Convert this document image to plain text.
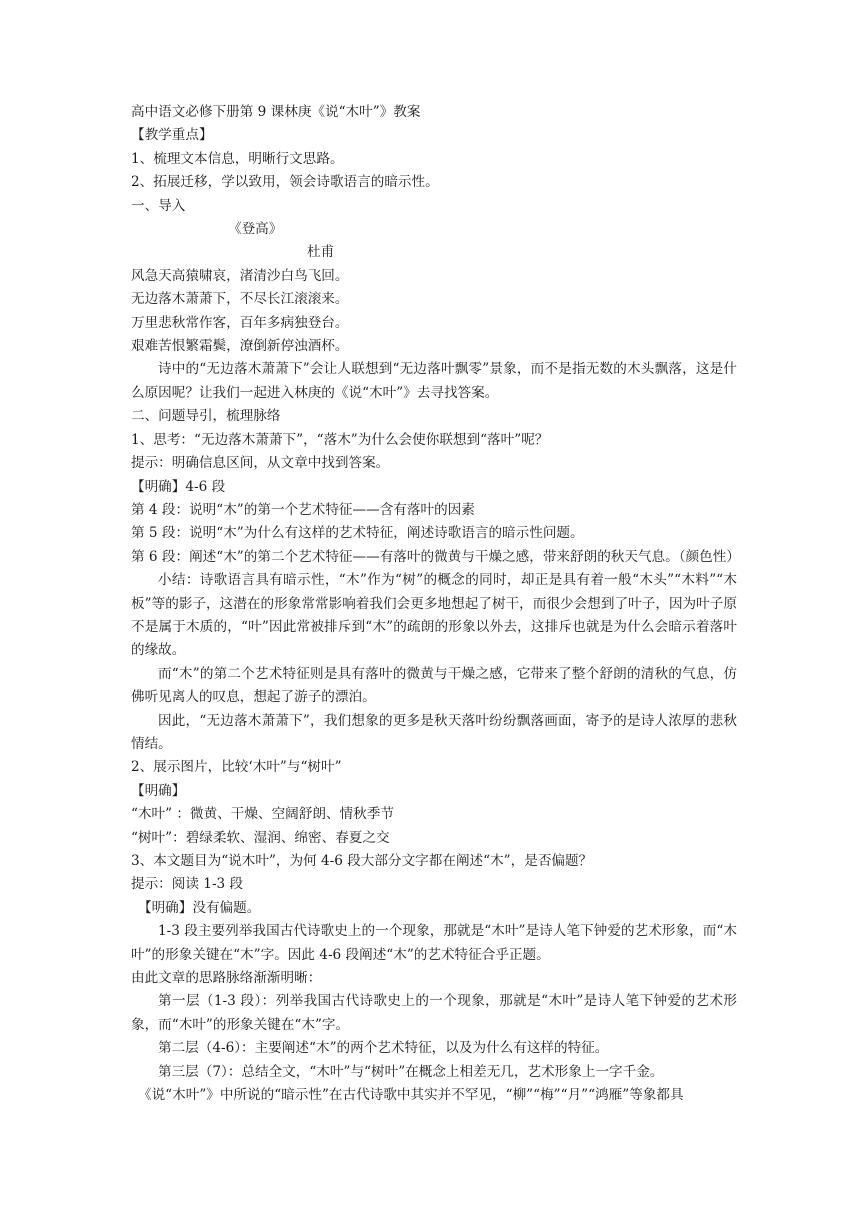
高中语文必修下册第 9 课林庚《说“木叶”》教案

【教学重点】

1、梳理文本信息，明晰行文思路。

2、拓展迁移，学以致用，领会诗歌语言的暗示性。

一、导入

《登高》

杜甫

风急天高猿啸哀，渚清沙白鸟飞回。

无边落木萧萧下，不尽长江滚滚来。

万里悲秋常作客，百年多病独登台。

艰难苦恨繁霜鬓，潦倒新停浊酒杯。

诗中的“无边落木萧萧下”会让人联想到“无边落叶飘零”景象，而不是指无数的木头飘落，这是什么原因呢？让我们一起进入林庚的《说“木叶”》去寻找答案。

二、问题导引，梳理脉络

1、思考：“无边落木萧萧下”，“落木”为什么会使你联想到“落叶”呢？

提示：明确信息区间，从文章中找到答案。

【明确】4-6 段

第 4 段：说明“木”的第一个艺术特征——含有落叶的因素

第 5 段：说明“木”为什么有这样的艺术特征，阐述诗歌语言的暗示性问题。

第 6 段：阐述“木”的第二个艺术特征——有落叶的微黄与干燥之感，带来舒朗的秋天气息。（颜色性）

小结：诗歌语言具有暗示性，“木”作为“树”的概念的同时，却正是具有着一般“木头”“木料”“木板”等的影子，这潜在的形象常常影响着我们会更多地想起了树干，而很少会想到了叶子，因为叶子原不是属于木质的，“叶”因此常被排斥到“木”的疏朗的形象以外去，这排斥也就是为什么会暗示着落叶的缘故。

而“木”的第二个艺术特征则是具有落叶的微黄与干燥之感，它带来了整个舒朗的清秋的气息，仿佛听见离人的叹息，想起了游子的漂泊。

因此，“无边落木萧萧下”，我们想象的更多是秋天落叶纷纷飘落画面，寄予的是诗人浓厚的悲秋情结。

2、展示图片，比较‘木叶”与“树叶”

【明确】

“木叶” ：微黄、干燥、空阔舒朗、情秋季节

“树叶”：碧绿柔软、湿润、绵密、春夏之交

3、本文题目为“说木叶”，为何 4-6 段大部分文字都在阐述“木”，是否偏题？

提示：阅读 1-3 段

【明确】没有偏题。

1-3 段主要列举我国古代诗歌史上的一个现象，那就是“木叶”是诗人笔下钟爱的艺术形象，而“木叶”的形象关键在“木”字。因此 4-6 段阐述“木”的艺术特征合乎正题。

由此文章的思路脉络渐渐明晰：

第一层（1-3 段）：列举我国古代诗歌史上的一个现象，那就是“木叶”是诗人笔下钟爱的艺术形象，而“木叶”的形象关键在“木”字。

第二层（4-6）：主要阐述“木”的两个艺术特征，以及为什么有这样的特征。

第三层（7）：总结全文，“木叶”与“树叶”在概念上相差无几，艺术形象上一字千金。

《说“木叶”》中所说的“暗示性”在古代诗歌中其实并不罕见，“柳”“梅”“月”“鸿雁”等象都具
